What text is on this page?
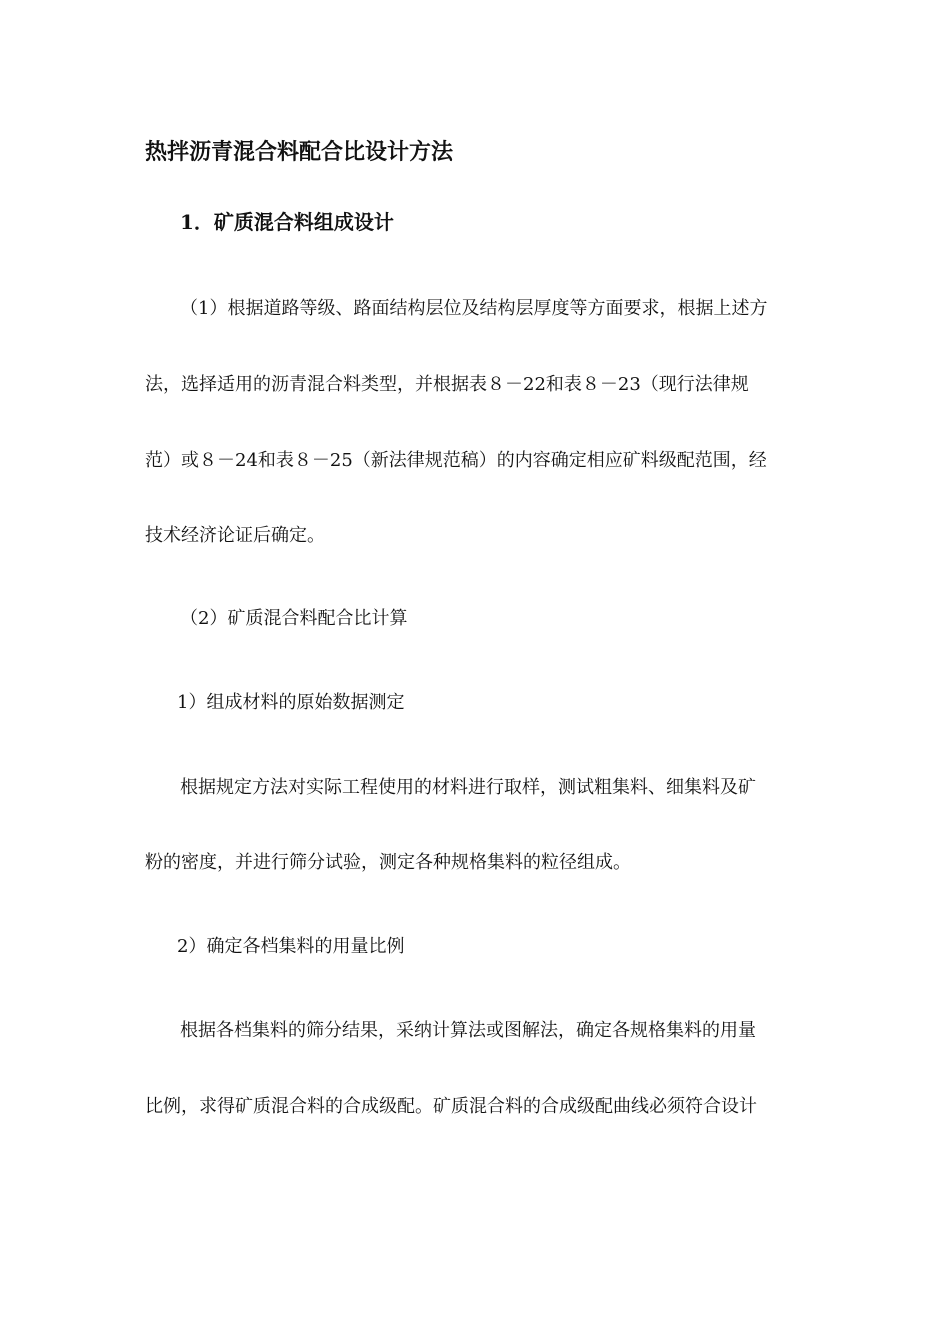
热拌沥青混合料配合比设计方法
1．矿质混合料组成设计
（1）根据道路等级、路面结构层位及结构层厚度等方面要求，根据上述方
法，选择适用的沥青混合料类型，并根据表８－22和表８－23（现行法律规
范）或８－24和表８－25（新法律规范稿）的内容确定相应矿料级配范围，经
技术经济论证后确定。
（2）矿质混合料配合比计算
1）组成材料的原始数据测定
根据规定方法对实际工程使用的材料进行取样，测试粗集料、细集料及矿
粉的密度，并进行筛分试验，测定各种规格集料的粒径组成。
2）确定各档集料的用量比例
根据各档集料的筛分结果，采纳计算法或图解法，确定各规格集料的用量
比例，求得矿质混合料的合成级配。矿质混合料的合成级配曲线必须符合设计
